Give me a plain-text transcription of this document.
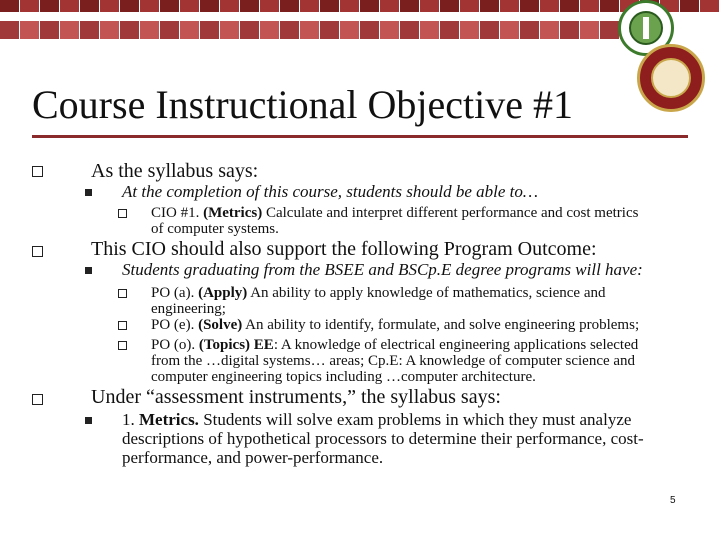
Course Instructional Objective #1
As the syllabus says:
At the completion of this course, students should be able to…
CIO #1. (Metrics) Calculate and interpret different performance and cost metrics
of computer systems.
This CIO should also support the following Program Outcome:
Students graduating from the BSEE and BSCp.E degree programs will have:
PO (a). (Apply) An ability to apply knowledge of mathematics, science and
engineering;
PO (e). (Solve) An ability to identify, formulate, and solve engineering problems;
PO (o). (Topics) EE: A knowledge of electrical engineering applications selected
from the …digital systems… areas; Cp.E: A knowledge of computer science and
computer engineering topics including …computer architecture.
Under “assessment instruments,” the syllabus says:
1. Metrics. Students will solve exam problems in which they must analyze
descriptions of hypothetical processors to determine their performance, cost-
performance, and power-performance.
5
